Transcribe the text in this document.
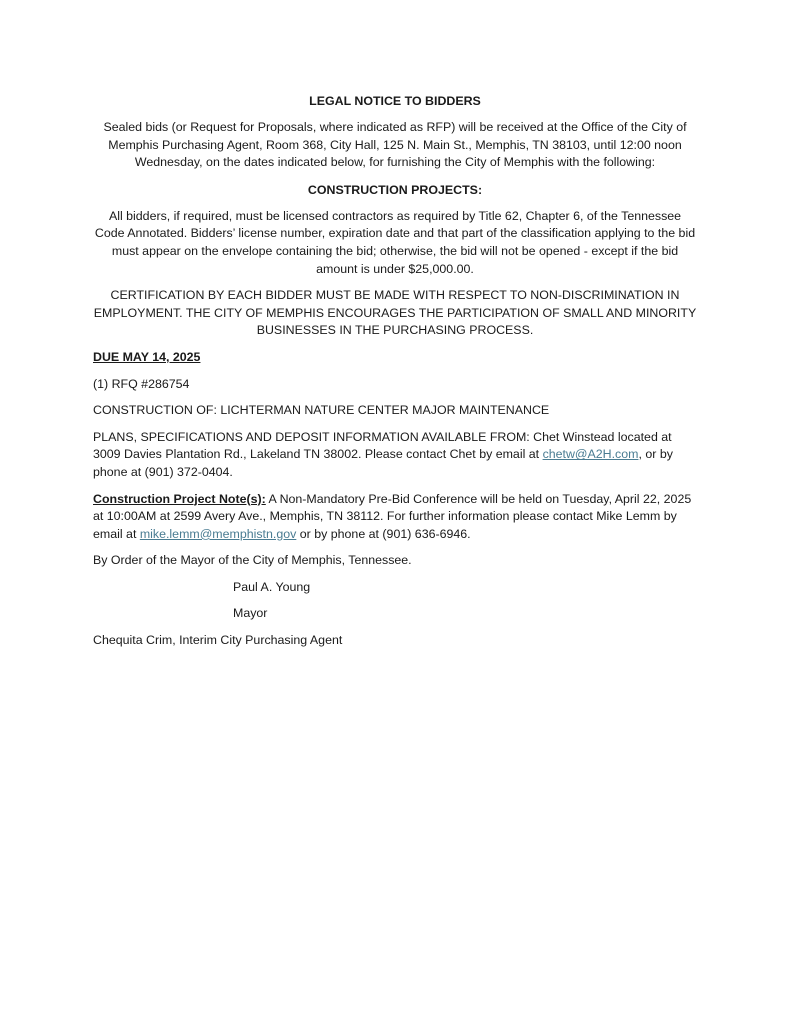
LEGAL NOTICE TO BIDDERS

Sealed bids (or Request for Proposals, where indicated as RFP) will be received at the Office of the City of Memphis Purchasing Agent, Room 368, City Hall, 125 N. Main St., Memphis, TN 38103, until 12:00 noon Wednesday, on the dates indicated below, for furnishing the City of Memphis with the following:

CONSTRUCTION PROJECTS:

All bidders, if required, must be licensed contractors as required by Title 62, Chapter 6, of the Tennessee Code Annotated. Bidders’ license number, expiration date and that part of the classification applying to the bid must appear on the envelope containing the bid; otherwise, the bid will not be opened - except if the bid amount is under $25,000.00.

CERTIFICATION BY EACH BIDDER MUST BE MADE WITH RESPECT TO NON-DISCRIMINATION IN EMPLOYMENT. THE CITY OF MEMPHIS ENCOURAGES THE PARTICIPATION OF SMALL AND MINORITY BUSINESSES IN THE PURCHASING PROCESS.

DUE MAY 14, 2025

(1) RFQ #286754

CONSTRUCTION OF: LICHTERMAN NATURE CENTER MAJOR MAINTENANCE

PLANS, SPECIFICATIONS AND DEPOSIT INFORMATION AVAILABLE FROM: Chet Winstead located at 3009 Davies Plantation Rd., Lakeland TN 38002. Please contact Chet by email at chetw@A2H.com, or by phone at (901) 372-0404.

Construction Project Note(s): A Non-Mandatory Pre-Bid Conference will be held on Tuesday, April 22, 2025 at 10:00AM at 2599 Avery Ave., Memphis, TN 38112. For further information please contact Mike Lemm by email at mike.lemm@memphistn.gov or by phone at (901) 636-6946.

By Order of the Mayor of the City of Memphis, Tennessee.

Paul A. Young

Mayor

Chequita Crim, Interim City Purchasing Agent
